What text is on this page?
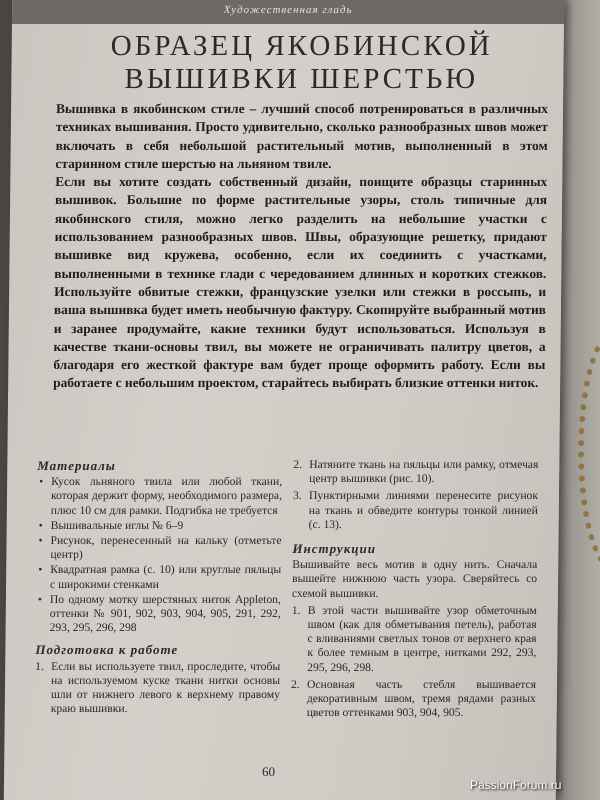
Художественная гладь
ОБРАЗЕЦ ЯКОБИНСКОЙ
ВЫШИВКИ ШЕРСТЬЮ

Вышивка в якобинском стиле – лучший способ потренироваться в различных техниках вышивания. Просто удивительно, сколько разнообразных швов может включать в себя небольшой растительный мотив, выполненный в этом старинном стиле шерстью на льняном твиле.

Если вы хотите создать собственный дизайн, поищите образцы старинных вышивок. Большие по форме растительные узоры, столь типичные для якобинского стиля, можно легко разделить на небольшие участки с использованием разнообразных швов. Швы, образующие решетку, придают вышивке вид кружева, особенно, если их соединить с участками, выполненными в технике глади с чередованием длинных и коротких стежков. Используйте обвитые стежки, французские узелки или стежки в россыпь, и ваша вышивка будет иметь необычную фактуру. Скопируйте выбранный мотив и заранее продумайте, какие техники будут использоваться. Используя в качестве ткани-основы твил, вы можете не ограничивать палитру цветов, а благодаря его жесткой фактуре вам будет проще оформить работу. Если вы работаете с небольшим проектом, старайтесь выбирать близкие оттенки ниток.

Материалы
• Кусок льняного твила или любой ткани, которая держит форму, необходимого размера, плюс 10 см для рамки. Подгибка не требуется
• Вышивальные иглы № 6–9
• Рисунок, перенесенный на кальку (отметьте центр)
• Квадратная рамка (с. 10) или круглые пяльцы с широкими стенками
• По одному мотку шерстяных ниток Appleton, оттенки № 901, 902, 903, 904, 905, 291, 292, 293, 295, 296, 298
Подготовка к работе
1. Если вы используете твил, проследите, чтобы на используемом куске ткани нитки основы шли от нижнего левого к верхнему правому краю вышивки.
2. Натяните ткань на пяльцы или рамку, отмечая центр вышивки (рис. 10).
3. Пунктирными линиями перенесите рисунок на ткань и обведите контуры тонкой линией (с. 13).
Инструкции

Вышивайте весь мотив в одну нить. Сначала вышейте нижнюю часть узора. Сверяйтесь со схемой вышивки.

1. В этой части вышивайте узор обметочным швом (как для обметывания петель), работая с вливаниями светлых тонов от верхнего края к более темным в центре, нитками 292, 293, 295, 296, 298.
2. Основная часть стебля вышивается декоративным швом, тремя рядами разных цветов оттенками 903, 904, 905.
60
PassionForum.ru
